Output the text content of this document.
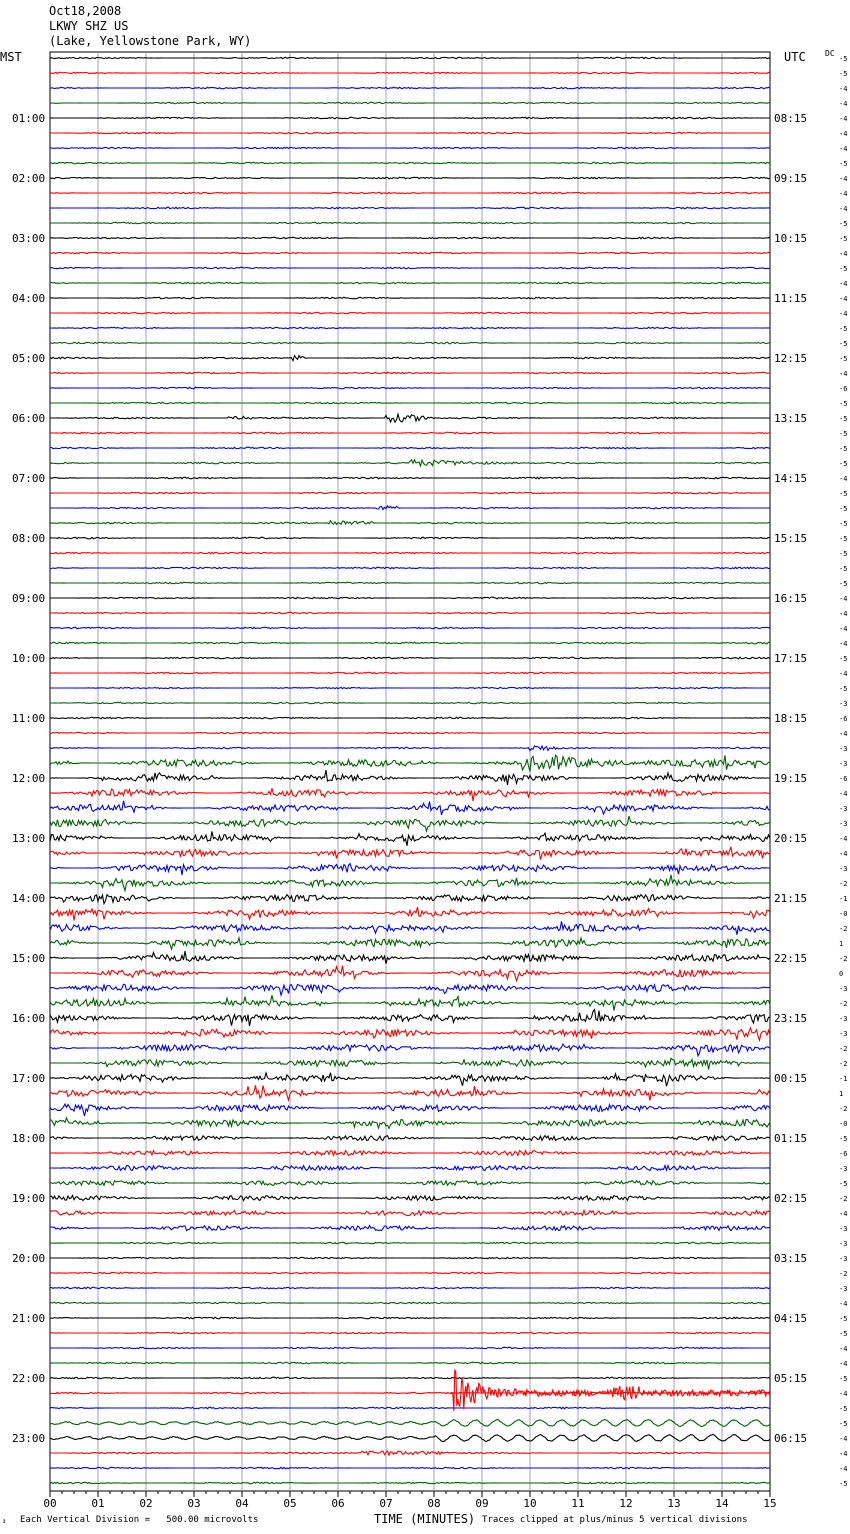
Oct18,2008
LKWY SHZ US
(Lake, Yellowstone Park, WY)
00	01	02	03	04	05	06	07	08	09	10	11	12	13	14	15
MST	UTC DC
01:00
02:00
03:00
04:00
05:00
06:00
07:00
08:00
09:00
10:00
11:00
12:00
13:00
14:00
15:00
16:00
17:00
18:00
19:00
20:00
21:00
22:00
23:00
08:15
09:15
10:15
11:15
12:15
13:15
14:15
15:15
16:15
17:15
18:15
19:15
20:15
21:15
22:15
23:15
00:15
01:15
02:15
03:15
04:15
05:15
06:15
-5
-5
-4
-4
-4
-4
-4
-5
-4
-4
-4
-5
-5
-4
-5
-4
-4
-4
-5
-5
-5
-4
-6
-5
-5
-5
-5
-5
-4
-5
-5
-5
-5
-5
-5
-5
-4
-4
-4
-4
-5
-4
-5
-3
-6
-4
-3
-3
-6
-4
-3
-3
-4
-4
-3
-2
-1
-0
-2
1
-2
0
-3
-2
-3
-3
-2
-2
-1
1
-2
-0
-5
-6
-3
-5
-2
-4
-3
-3
-3
-2
-3
-4
-5
-5
-4
-4
-5
-4
-5
-5
-4
-4
-4
-5
↕ Each Vertical Division =   500.00 microvolts	TIME (MINUTES) Traces clipped at plus/minus 5 vertical divisions
